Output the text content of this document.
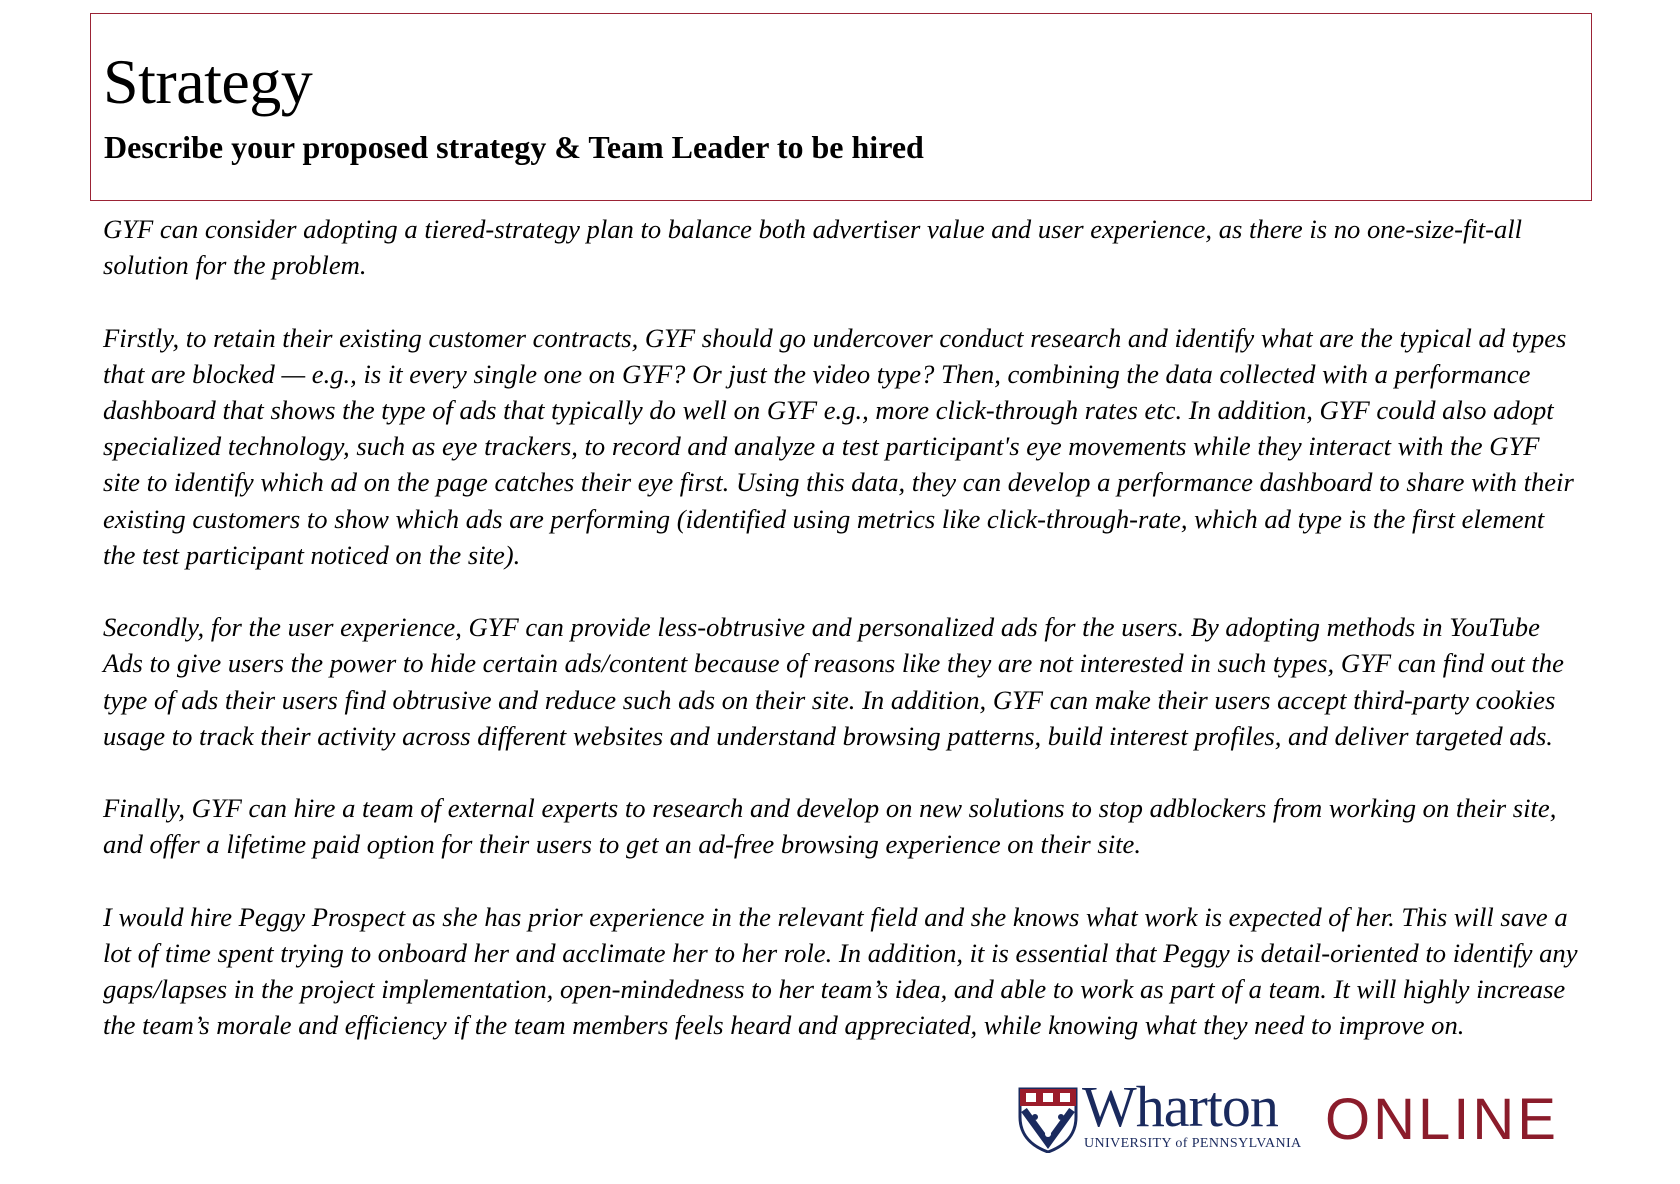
Strategy
Describe your proposed strategy & Team Leader to be hired

GYF can consider adopting a tiered-strategy plan to balance both advertiser value and user experience, as there is no one-size-fit-all solution for the problem.

Firstly, to retain their existing customer contracts, GYF should go undercover conduct research and identify what are the typical ad types that are blocked — e.g., is it every single one on GYF? Or just the video type? Then, combining the data collected with a performance dashboard that shows the type of ads that typically do well on GYF e.g., more click-through rates etc. In addition, GYF could also adopt specialized technology, such as eye trackers, to record and analyze a test participant's eye movements while they interact with the GYF site to identify which ad on the page catches their eye first. Using this data, they can develop a performance dashboard to share with their existing customers to show which ads are performing (identified using metrics like click-through-rate, which ad type is the first element the test participant noticed on the site).

Secondly, for the user experience, GYF can provide less-obtrusive and personalized ads for the users. By adopting methods in YouTube Ads to give users the power to hide certain ads/content because of reasons like they are not interested in such types, GYF can find out the type of ads their users find obtrusive and reduce such ads on their site. In addition, GYF can make their users accept third-party cookies usage to track their activity across different websites and understand browsing patterns, build interest profiles, and deliver targeted ads.

Finally, GYF can hire a team of external experts to research and develop on new solutions to stop adblockers from working on their site, and offer a lifetime paid option for their users to get an ad-free browsing experience on their site.

I would hire Peggy Prospect as she has prior experience in the relevant field and she knows what work is expected of her. This will save a lot of time spent trying to onboard her and acclimate her to her role. In addition, it is essential that Peggy is detail-oriented to identify any gaps/lapses in the project implementation, open-mindedness to her team’s idea, and able to work as part of a team. It will highly increase the team’s morale and efficiency if the team members feels heard and appreciated, while knowing what they need to improve on.

Wharton
UNIVERSITY of PENNSYLVANIA ONLINE
